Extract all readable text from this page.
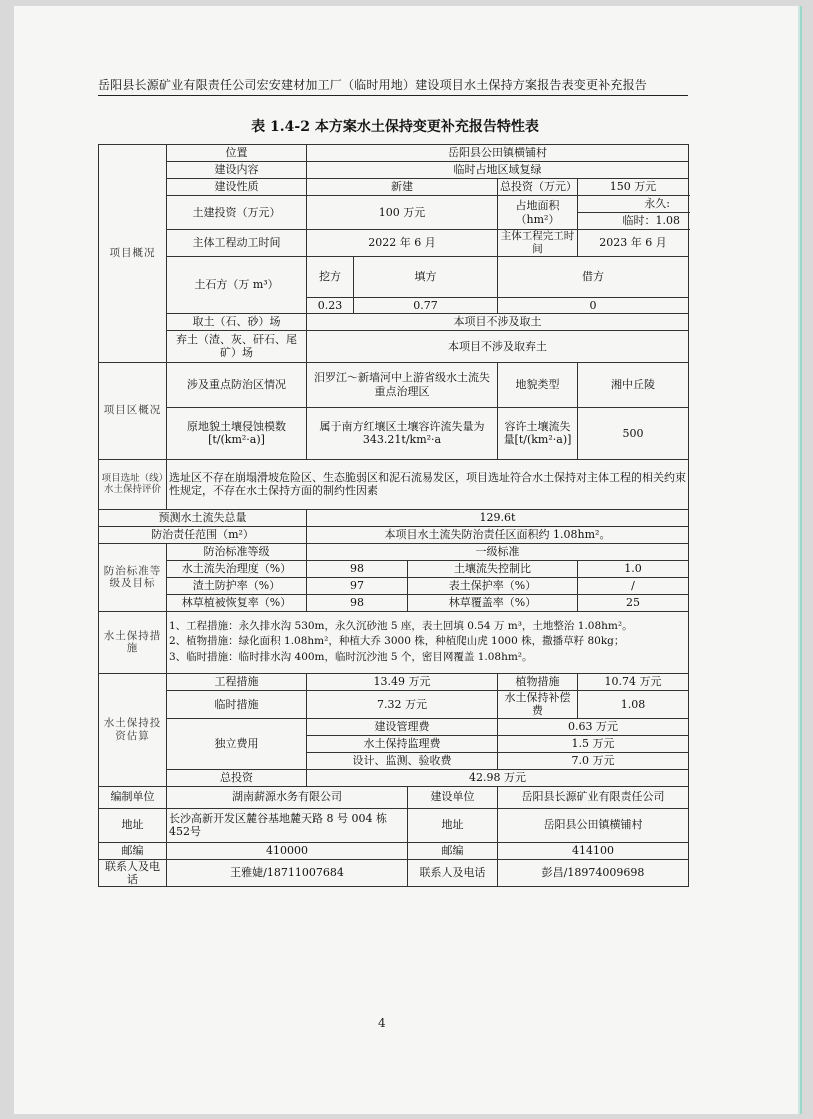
岳阳县长源矿业有限责任公司宏安建材加工厂（临时用地）建设项目水土保持方案报告表变更补充报告
表 1.4-2 本方案水土保持变更补充报告特性表
项目概况	位置	岳阳县公田镇横铺村					
	建设内容	临时占地区域复绿					
	建设性质	新建			总投资（万元）	150 万元	
	土建投资（万元）	100 万元			占地面积（hm²）	永久:	
						临时：1.08	
	主体工程动工时间	2022 年 6 月			主体工程完工时间	2023 年 6 月	
	土石方（万 m³）	挖方	填方		借方	
		0.23	0.77		0	
	取土（石、砂）场	本项目不涉及取土					
	弃土（渣、灰、矸石、尾矿）场	本项目不涉及取弃土					
项目区概况	涉及重点防治区情况	汨罗江～新墙河中上游省级水土流失重点治理区			地貌类型	湘中丘陵	
	原地貌土壤侵蚀模数[t/(km²·a)]	属于南方红壤区土壤容许流失量为343.21t/km²·a			容许土壤流失量[t/(km²·a)]	500	
项目选址（线）水土保持评价	选址区不存在崩塌滑坡危险区、生态脆弱区和泥石流易发区，项目选址符合水土保持对主体工程的相关约束性规定，不存在水土保持方面的制约性因素						
预测水土流失总量		129.6t					
防治责任范围（m²）		本项目水土流失防治责任区面积约 1.08hm²。					
防治标准等级及目标	防治标准等级	一级标准					
	水土流失治理度（%）	98		土壤流失控制比		1.0	
	渣土防护率（%）	97		表土保护率（%）		/	
	林草植被恢复率（%）	98		林草覆盖率（%）		25	
水土保持措施	1、工程措施：永久排水沟 530m，永久沉砂池 5 座，表土回填 0.54 万 m³，土地整治 1.08hm²。
2、植物措施：绿化面积 1.08hm²，种植大乔 3000 株，种植爬山虎 1000 株，撒播草籽 80kg；
3、临时措施：临时排水沟 400m，临时沉沙池 5 个，密目网覆盖 1.08hm²。						

水土保持投资估算	工程措施	13.49 万元			植物措施	10.74 万元	
	临时措施	7.32 万元			水土保持补偿费	1.08	
	独立费用	建设管理费			0.63 万元		
		水土保持监理费			1.5 万元		
		设计、监测、验收费			7.0 万元		
	总投资	42.98 万元					
编制单位	湖南薪源水务有限公司			建设单位	岳阳县长源矿业有限责任公司		
地址	长沙高新开发区麓谷基地麓天路 8 号 004 栋452号			地址	岳阳县公田镇横铺村		
邮编	410000			邮编	414100		
联系人及电话	王雅婕/18711007684			联系人及电话	彭昌/18974009698		
4
